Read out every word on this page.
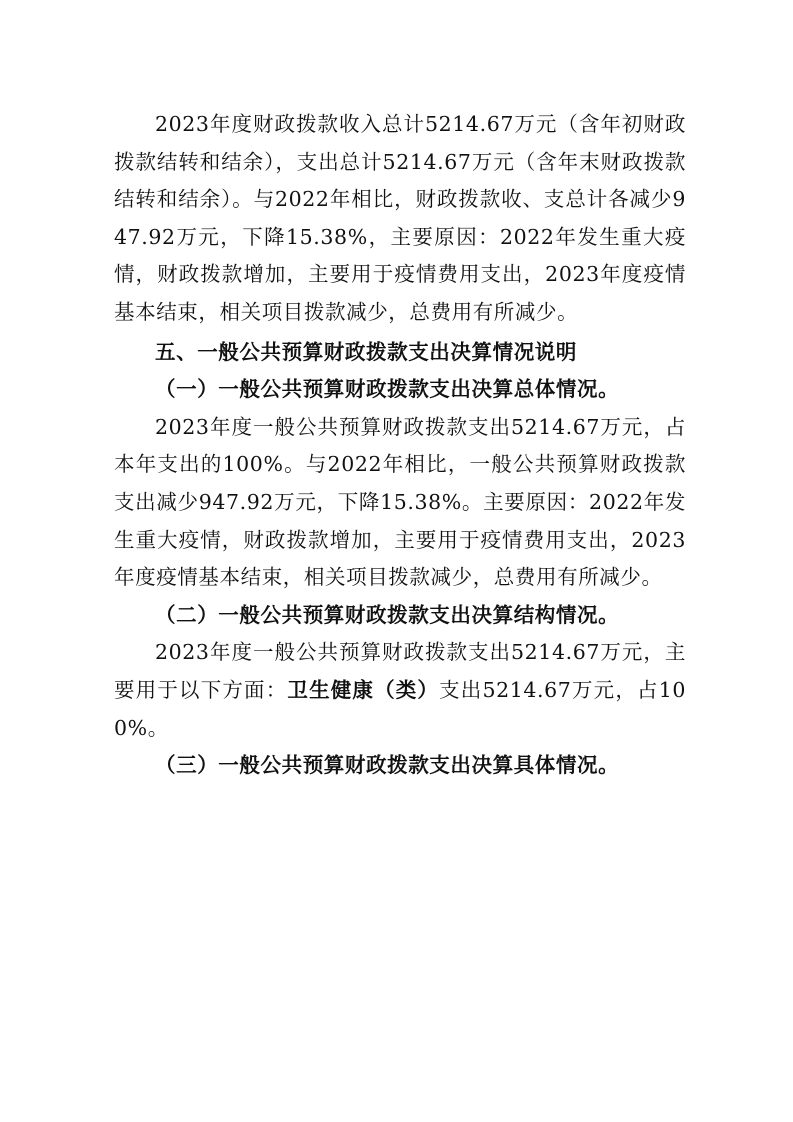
2023年度财政拨款收入总计5214.67万元（含年初财政拨款结转和结余），支出总计5214.67万元（含年末财政拨款结转和结余）。与2022年相比，财政拨款收、支总计各减少947.92万元，下降15.38%，主要原因：2022年发生重大疫情，财政拨款增加，主要用于疫情费用支出，2023年度疫情基本结束，相关项目拨款减少，总费用有所减少。

五、一般公共预算财政拨款支出决算情况说明

（一）一般公共预算财政拨款支出决算总体情况。

2023年度一般公共预算财政拨款支出5214.67万元，占本年支出的100%。与2022年相比，一般公共预算财政拨款支出减少947.92万元，下降15.38%。主要原因：2022年发生重大疫情，财政拨款增加，主要用于疫情费用支出，2023年度疫情基本结束，相关项目拨款减少，总费用有所减少。

（二）一般公共预算财政拨款支出决算结构情况。

2023年度一般公共预算财政拨款支出5214.67万元，主要用于以下方面：卫生健康（类）支出5214.67万元，占100%。

（三）一般公共预算财政拨款支出决算具体情况。
